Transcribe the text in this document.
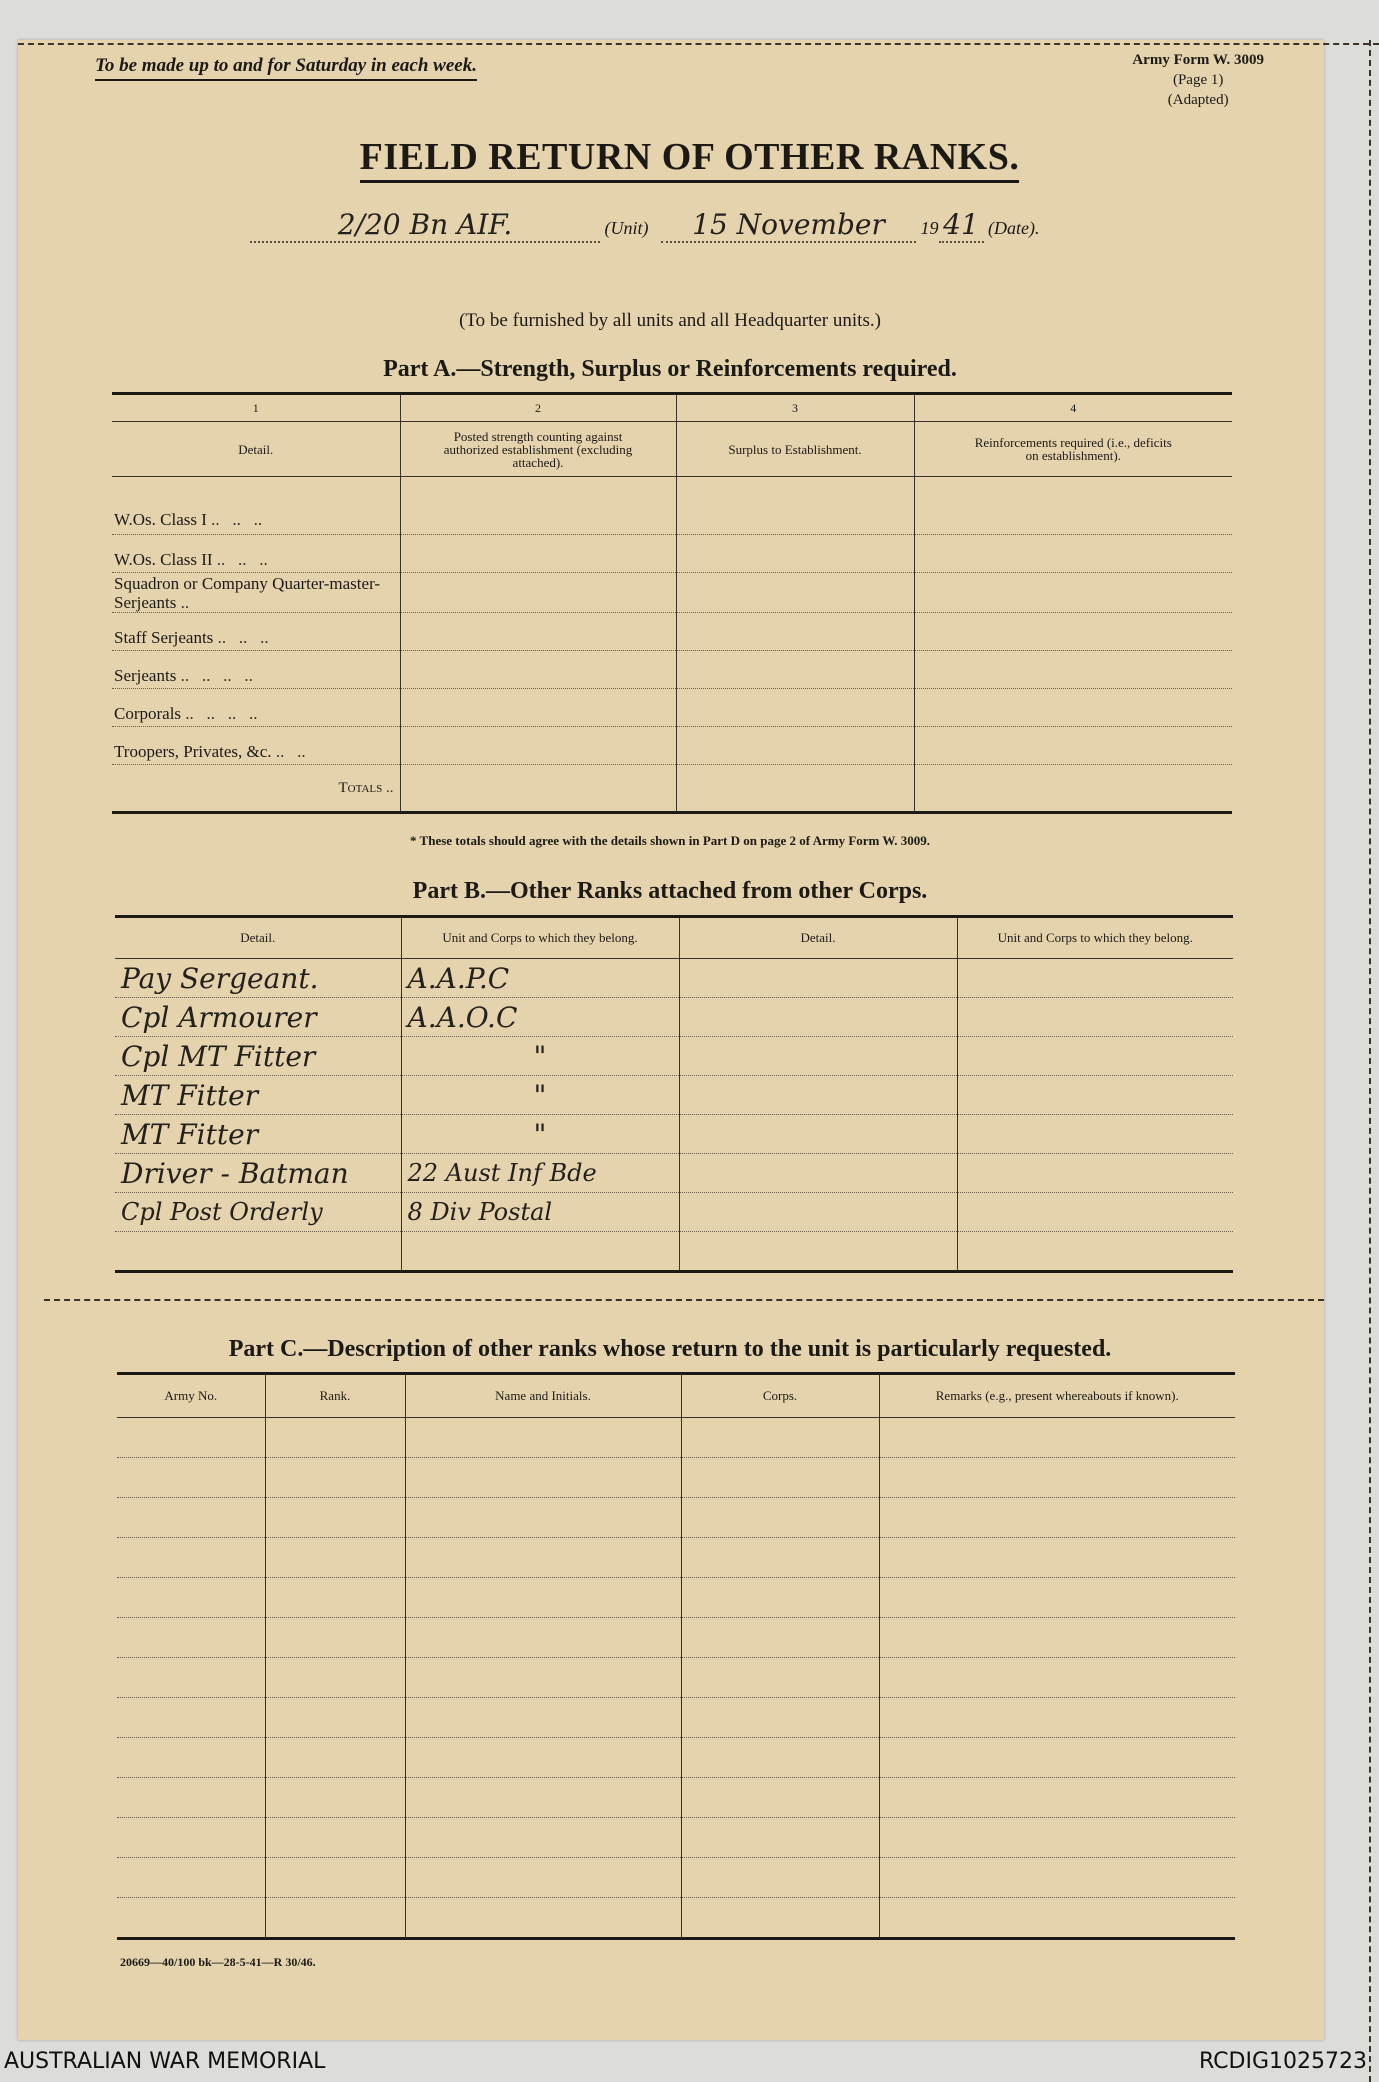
To be made up to and for Saturday in each week.	Army Form W. 3009
(Page 1)
(Adapted)
FIELD RETURN OF OTHER RANKS.
2/20 Bn AIF.	(Unit) 15 November 19 41 (Date).
(To be furnished by all units and all Headquarter units.)
Part A.—Strength, Surplus or Reinforcements required.
1	2	3	4
Detail.	Posted strength counting against authorized establishment (excluding attached).	Surplus to Establishment.	Reinforcements required (i.e., deficits on establishment).
W.Os. Class I ..   ..   ..			
W.Os. Class II ..   ..   ..			
Squadron or Company Quarter-master-Serjeants ..			
Staff Serjeants ..   ..   ..			
Serjeants ..   ..   ..   ..			
Corporals ..   ..   ..   ..			
Troopers, Privates, &c. ..   ..			
Totals ..			
* These totals should agree with the details shown in Part D on page 2 of Army Form W. 3009.
Part B.—Other Ranks attached from other Corps.
Detail.	Unit and Corps to which they belong.	Detail.	Unit and Corps to which they belong.
Pay Sergeant.	A.A.P.C		
Cpl Armourer	A.A.O.C		
Cpl MT Fitter	"		
MT Fitter	"		
MT Fitter	"		
Driver - Batman	22 Aust Inf Bde		
Cpl Post Orderly	8 Div Postal		

Part C.—Description of other ranks whose return to the unit is particularly requested.
Army No.	Rank.	Name and Initials.	Corps.	Remarks (e.g., present whereabouts if known).

20669—40/100 bk—28-5-41—R 30/46.
AUSTRALIAN WAR MEMORIAL	RCDIG1025723
